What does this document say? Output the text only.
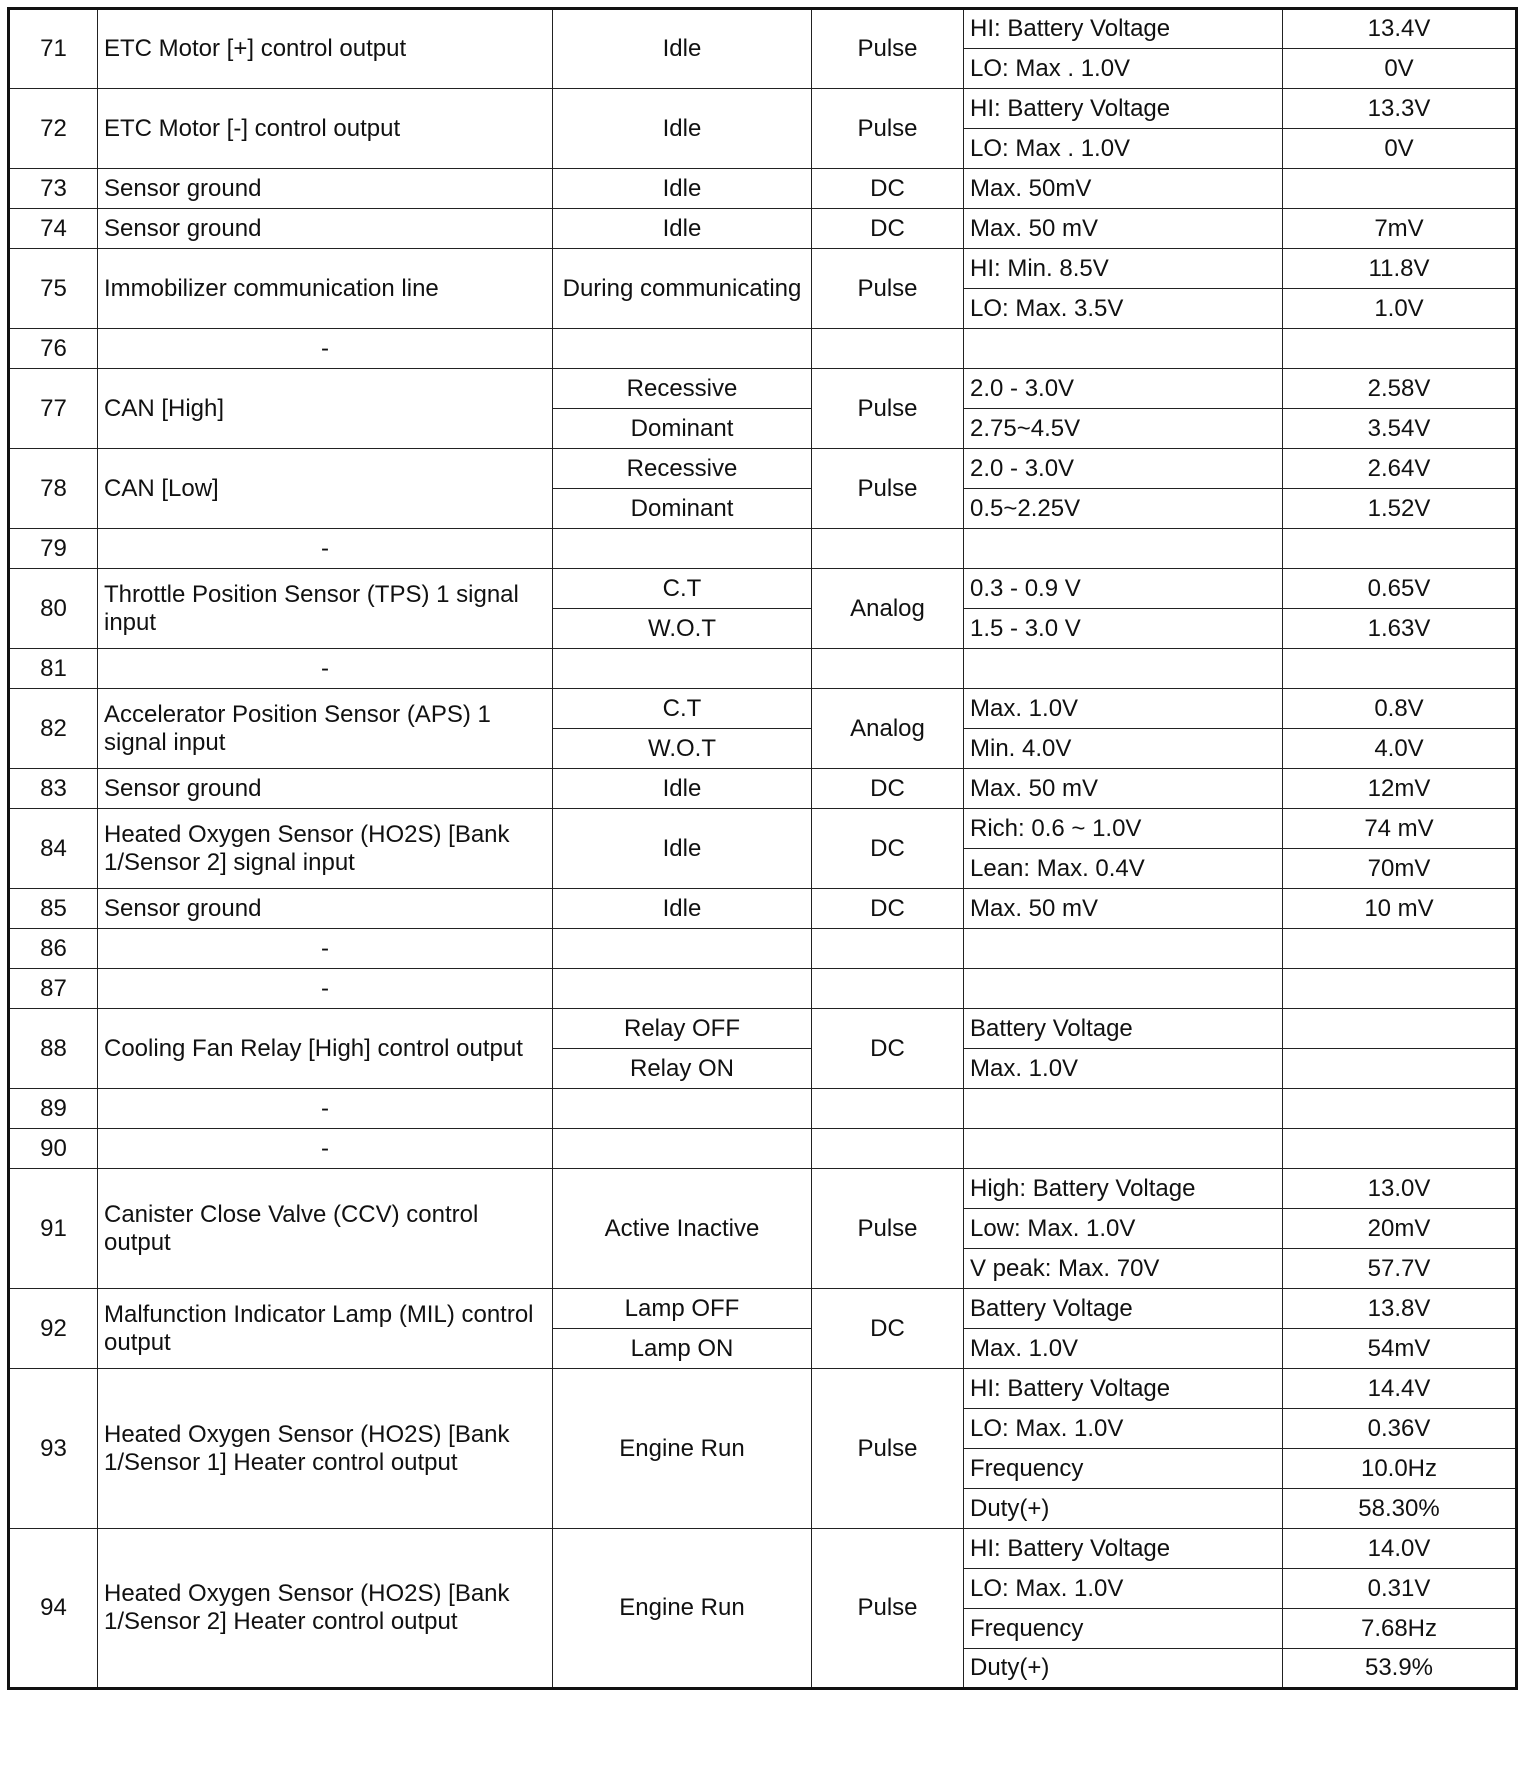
71	ETC Motor [+] control output	Idle	Pulse	HI: Battery Voltage	13.4V
				LO: Max . 1.0V	0V
72	ETC Motor [-] control output	Idle	Pulse	HI: Battery Voltage	13.3V
				LO: Max . 1.0V	0V
73	Sensor ground	Idle	DC	Max. 50mV	
74	Sensor ground	Idle	DC	Max. 50 mV	7mV
75	Immobilizer communication line	During communicating	Pulse	HI: Min. 8.5V	11.8V
				LO: Max. 3.5V	1.0V
76	-				
77	CAN [High]	Recessive	Pulse	2.0 - 3.0V	2.58V
		Dominant		2.75~4.5V	3.54V
78	CAN [Low]	Recessive	Pulse	2.0 - 3.0V	2.64V
		Dominant		0.5~2.25V	1.52V
79	-				
80	Throttle Position Sensor (TPS) 1 signal input	C.T	Analog	0.3 - 0.9 V	0.65V
		W.O.T		1.5 - 3.0 V	1.63V
81	-				
82	Accelerator Position Sensor (APS) 1 signal input	C.T	Analog	Max. 1.0V	0.8V
		W.O.T		Min. 4.0V	4.0V
83	Sensor ground	Idle	DC	Max. 50 mV	12mV
84	Heated Oxygen Sensor (HO2S) [Bank 1/Sensor 2] signal input	Idle	DC	Rich: 0.6 ~ 1.0V	74 mV
				Lean: Max. 0.4V	70mV
85	Sensor ground	Idle	DC	Max. 50 mV	10 mV
86	-				
87	-				
88	Cooling Fan Relay [High] control output	Relay OFF	DC	Battery Voltage	
		Relay ON		Max. 1.0V	
89	-				
90	-				
91	Canister Close Valve (CCV) control output	Active Inactive	Pulse	High: Battery Voltage	13.0V
				Low: Max. 1.0V	20mV
				V peak: Max. 70V	57.7V
92	Malfunction Indicator Lamp (MIL) control output	Lamp OFF	DC	Battery Voltage	13.8V
		Lamp ON		Max. 1.0V	54mV
93	Heated Oxygen Sensor (HO2S) [Bank 1/Sensor 1] Heater control output	Engine Run	Pulse	HI: Battery Voltage	14.4V
				LO: Max. 1.0V	0.36V
				Frequency	10.0Hz
				Duty(+)	58.30%
94	Heated Oxygen Sensor (HO2S) [Bank 1/Sensor 2] Heater control output	Engine Run	Pulse	HI: Battery Voltage	14.0V
				LO: Max. 1.0V	0.31V
				Frequency	7.68Hz
				Duty(+)	53.9%
